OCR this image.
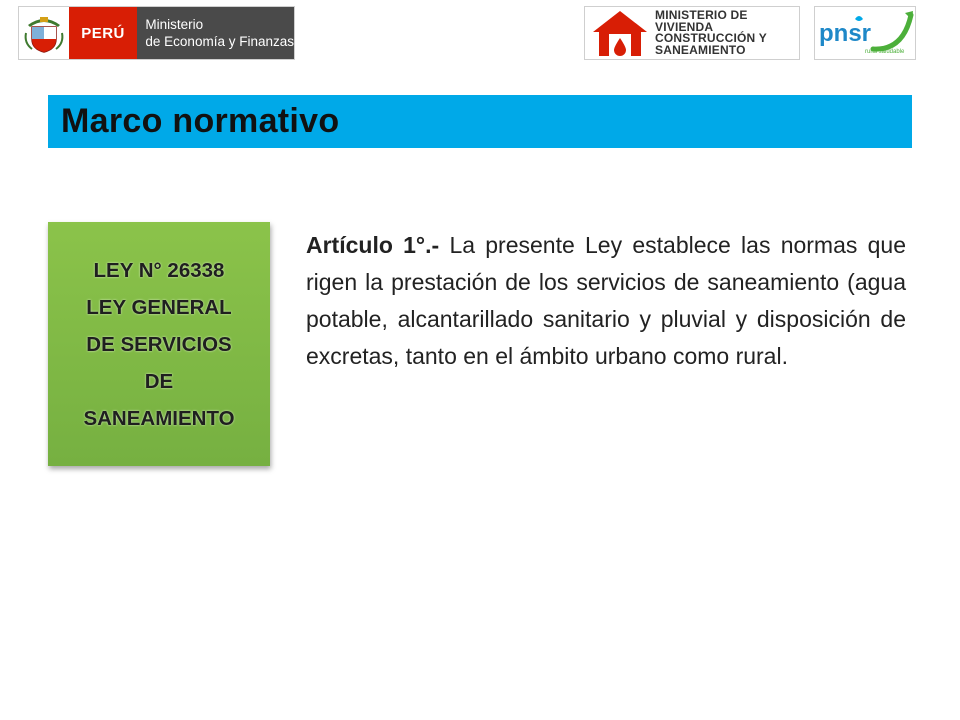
PERÚ	Ministerio
de Economía y Finanzas
MINISTERIO DE
VIVIENDA
CONSTRUCCIÓN Y
SANEAMIENTO
pnsr
rural saludable
Marco normativo
LEY N° 26338
LEY GENERAL
DE SERVICIOS
DE
SANEAMIENTO
Artículo 1°.- La presente Ley establece las normas que rigen la prestación de los servicios de saneamiento (agua potable, alcantarillado sanitario y pluvial y disposición de excretas, tanto en el ámbito urbano como rural.
